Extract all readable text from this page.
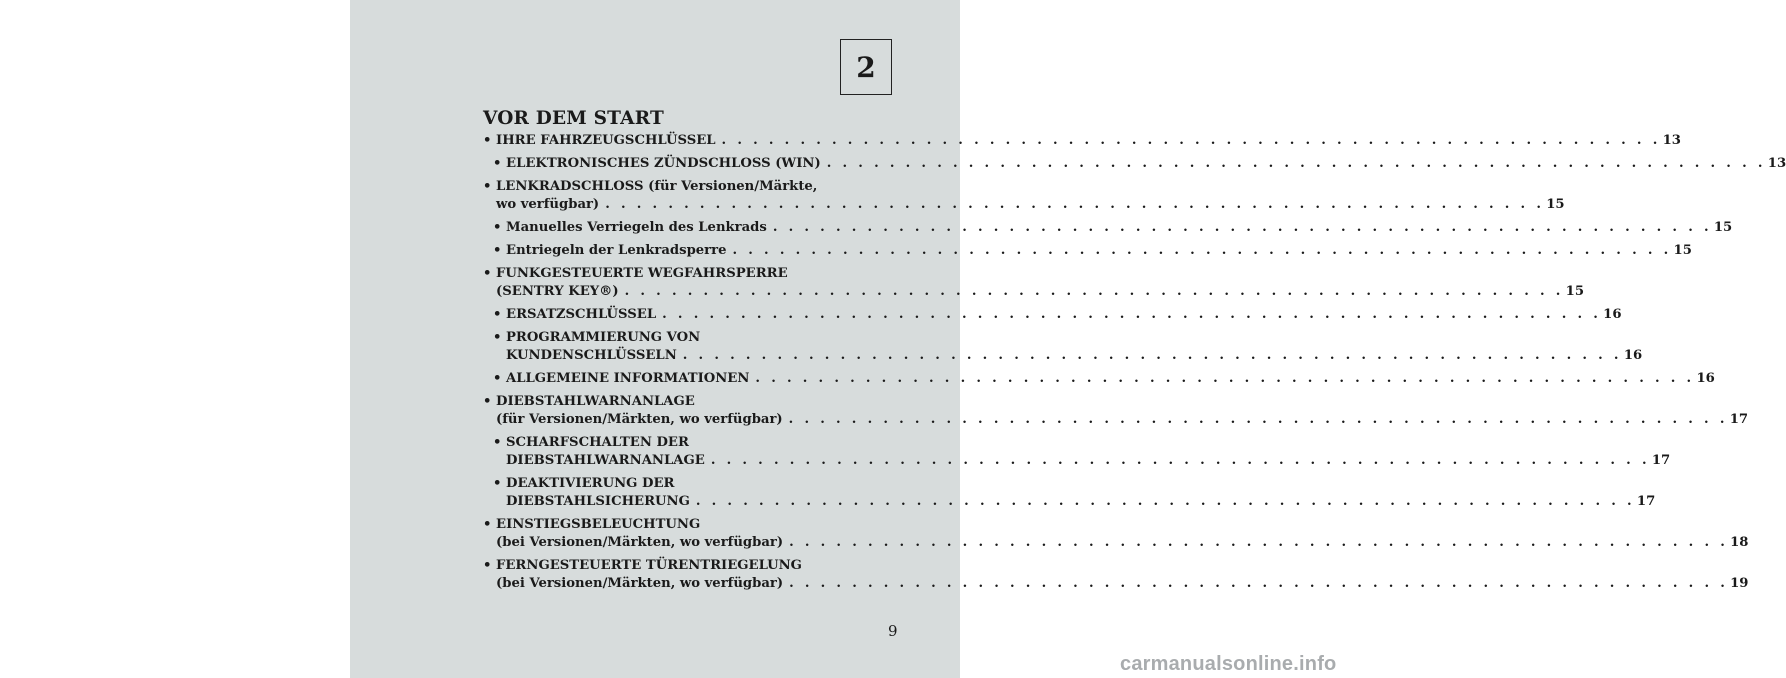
2
VOR DEM START
• IHRE FAHRZEUGSCHLÜSSEL . . . . . . . . . . . . . . . . . . . . . . . . . . . . . . . . . . . . . . . . . . . . . . . . . . . . . . . . . . . . 13
• ELEKTRONISCHES ZÜNDSCHLOSS (WIN) . . . . . . . . . . . . . . . . . . . . . . . . . . . . . . . . . . . . . . . . . . . . . . . . . . . . . . . . . . . . 13
• LENKRADSCHLOSS (für Versionen/Märkte,
wo verfügbar) . . . . . . . . . . . . . . . . . . . . . . . . . . . . . . . . . . . . . . . . . . . . . . . . . . . . . . . . . . . . 15
• Manuelles Verriegeln des Lenkrads . . . . . . . . . . . . . . . . . . . . . . . . . . . . . . . . . . . . . . . . . . . . . . . . . . . . . . . . . . . . 15
• Entriegeln der Lenkradsperre . . . . . . . . . . . . . . . . . . . . . . . . . . . . . . . . . . . . . . . . . . . . . . . . . . . . . . . . . . . . 15
• FUNKGESTEUERTE WEGFAHRSPERRE
(SENTRY KEY®) . . . . . . . . . . . . . . . . . . . . . . . . . . . . . . . . . . . . . . . . . . . . . . . . . . . . . . . . . . . . 15
• ERSATZSCHLÜSSEL . . . . . . . . . . . . . . . . . . . . . . . . . . . . . . . . . . . . . . . . . . . . . . . . . . . . . . . . . . . . 16
• PROGRAMMIERUNG VON
KUNDENSCHLÜSSELN . . . . . . . . . . . . . . . . . . . . . . . . . . . . . . . . . . . . . . . . . . . . . . . . . . . . . . . . . . . . 16
• ALLGEMEINE INFORMATIONEN . . . . . . . . . . . . . . . . . . . . . . . . . . . . . . . . . . . . . . . . . . . . . . . . . . . . . . . . . . . . 16
• DIEBSTAHLWARNANLAGE
(für Versionen/Märkten, wo verfügbar) . . . . . . . . . . . . . . . . . . . . . . . . . . . . . . . . . . . . . . . . . . . . . . . . . . . . . . . . . . . . 17
• SCHARFSCHALTEN DER
DIEBSTAHLWARNANLAGE . . . . . . . . . . . . . . . . . . . . . . . . . . . . . . . . . . . . . . . . . . . . . . . . . . . . . . . . . . . . 17
• DEAKTIVIERUNG DER
DIEBSTAHLSICHERUNG . . . . . . . . . . . . . . . . . . . . . . . . . . . . . . . . . . . . . . . . . . . . . . . . . . . . . . . . . . . . 17
• EINSTIEGSBELEUCHTUNG
(bei Versionen/Märkten, wo verfügbar) . . . . . . . . . . . . . . . . . . . . . . . . . . . . . . . . . . . . . . . . . . . . . . . . . . . . . . . . . . . . 18
• FERNGESTEUERTE TÜRENTRIEGELUNG
(bei Versionen/Märkten, wo verfügbar) . . . . . . . . . . . . . . . . . . . . . . . . . . . . . . . . . . . . . . . . . . . . . . . . . . . . . . . . . . . . 19
9
carmanualsonline.info
